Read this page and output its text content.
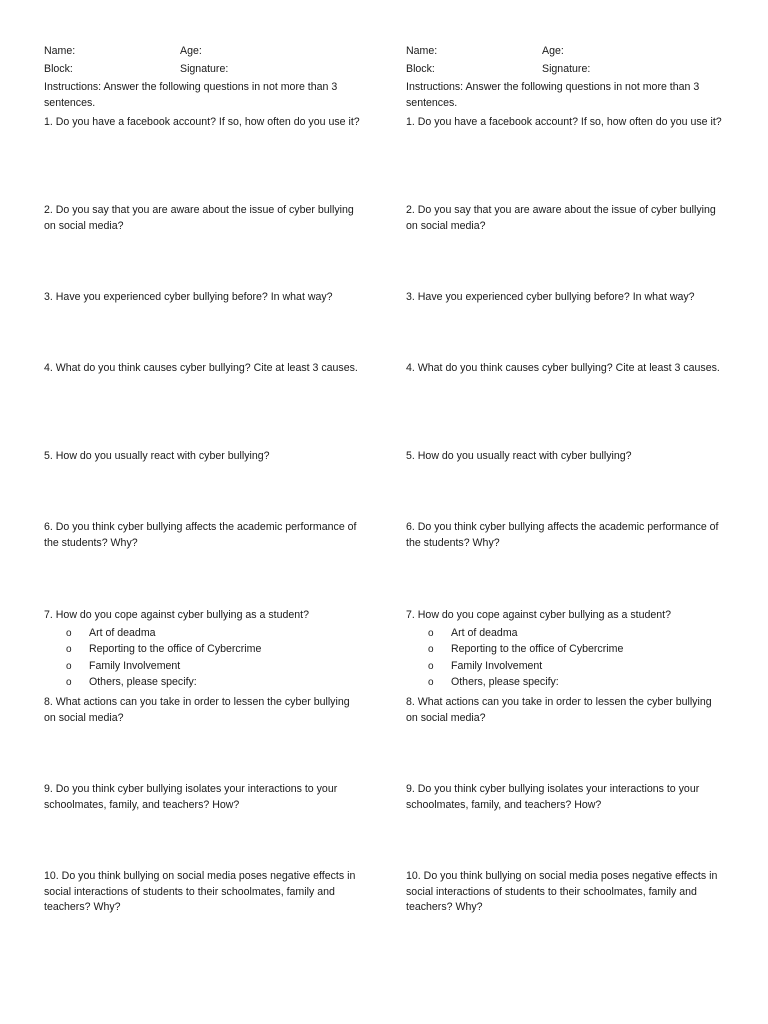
Name:	Age:
Block:	Signature:
Instructions: Answer the following questions in not more than 3 sentences.
1. Do you have a facebook account? If so, how often do you use it?
2. Do you say that you are aware about the issue of cyber bullying on social media?
3. Have you experienced cyber bullying before? In what way?
4. What do you think causes cyber bullying? Cite at least 3 causes.
5. How do you usually react with cyber bullying?
6. Do you think cyber bullying affects the academic performance of the students? Why?
7. How do you cope against cyber bullying as a student?
o Art of deadma
o Reporting to the office of Cybercrime
o Family Involvement
o Others, please specify:
8. What actions can you take in order to lessen the cyber bullying on social media?
9. Do you think cyber bullying isolates your interactions to your schoolmates, family, and teachers? How?
10. Do you think bullying on social media poses negative effects in social interactions of students to their schoolmates, family and teachers? Why?
Name:	Age:
Block:	Signature:
Instructions: Answer the following questions in not more than 3 sentences.
1. Do you have a facebook account? If so, how often do you use it?
2. Do you say that you are aware about the issue of cyber bullying on social media?
3. Have you experienced cyber bullying before? In what way?
4. What do you think causes cyber bullying? Cite at least 3 causes.
5. How do you usually react with cyber bullying?
6. Do you think cyber bullying affects the academic performance of the students? Why?
7. How do you cope against cyber bullying as a student?
o Art of deadma
o Reporting to the office of Cybercrime
o Family Involvement
o Others, please specify:
8. What actions can you take in order to lessen the cyber bullying on social media?
9. Do you think cyber bullying isolates your interactions to your schoolmates, family, and teachers? How?
10. Do you think bullying on social media poses negative effects in social interactions of students to their schoolmates, family and teachers? Why?
